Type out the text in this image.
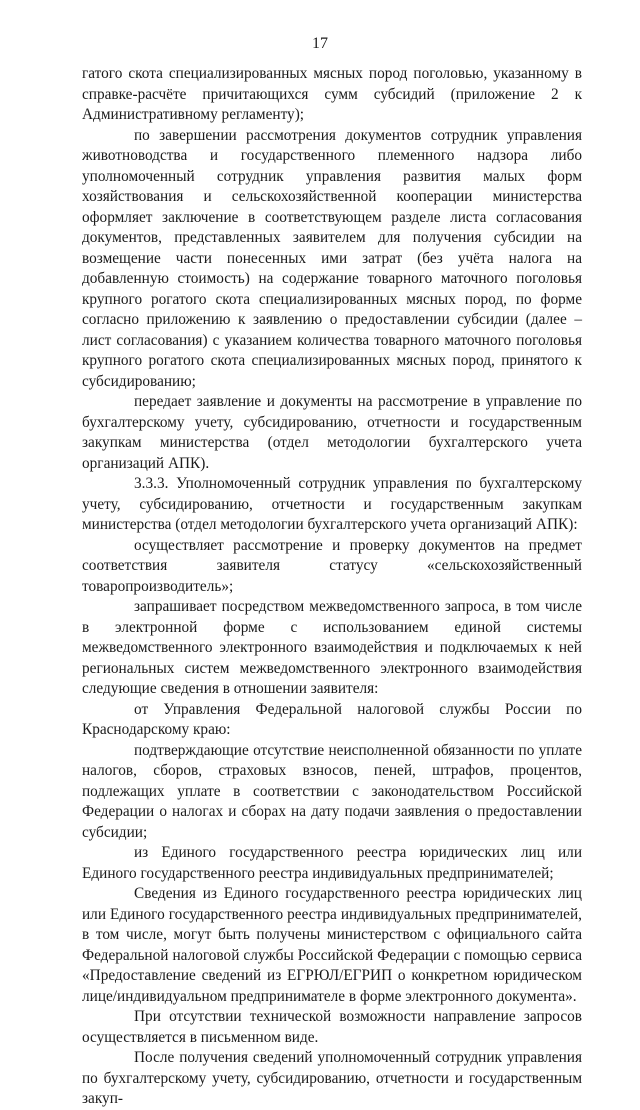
17

гатого скота специализированных мясных пород поголовью, указанному в справке-расчёте причитающихся сумм субсидий (приложение 2 к Административному регламенту);

по завершении рассмотрения документов сотрудник управления животноводства и государственного племенного надзора либо уполномоченный сотрудник управления развития малых форм хозяйствования и сельскохозяйственной кооперации министерства оформляет заключение в соответствующем разделе листа согласования документов, представленных заявителем для получения субсидии на возмещение части понесенных ими затрат (без учёта налога на добавленную стоимость) на содержание товарного маточного поголовья крупного рогатого скота специализированных мясных пород, по форме согласно приложению к заявлению о предоставлении субсидии (далее – лист согласования) с указанием количества товарного маточного поголовья крупного рогатого скота специализированных мясных пород, принятого к субсидированию;

передает заявление и документы на рассмотрение в управление по бухгалтерскому учету, субсидированию, отчетности и государственным закупкам министерства (отдел методологии бухгалтерского учета организаций АПК).

3.3.3. Уполномоченный сотрудник управления по бухгалтерскому учету, субсидированию, отчетности и государственным закупкам министерства (отдел методологии бухгалтерского учета организаций АПК):

осуществляет рассмотрение и проверку документов на предмет соответствия заявителя статусу «сельскохозяйственный товаропроизводитель»;

запрашивает посредством межведомственного запроса, в том числе в электронной форме с использованием единой системы межведомственного электронного взаимодействия и подключаемых к ней региональных систем межведомственного электронного взаимодействия следующие сведения в отношении заявителя:

от Управления Федеральной налоговой службы России по Краснодарскому краю:

подтверждающие отсутствие неисполненной обязанности по уплате налогов, сборов, страховых взносов, пеней, штрафов, процентов, подлежащих уплате в соответствии с законодательством Российской Федерации о налогах и сборах на дату подачи заявления о предоставлении субсидии;

из Единого государственного реестра юридических лиц или Единого государственного реестра индивидуальных предпринимателей;

Сведения из Единого государственного реестра юридических лиц или Единого государственного реестра индивидуальных предпринимателей, в том числе, могут быть получены министерством с официального сайта Федеральной налоговой службы Российской Федерации с помощью сервиса «Предоставление сведений из ЕГРЮЛ/ЕГРИП о конкретном юридическом лице/индивидуальном предпринимателе в форме электронного документа».

При отсутствии технической возможности направление запросов осуществляется в письменном виде.

После получения сведений уполномоченный сотрудник управления по бухгалтерскому учету, субсидированию, отчетности и государственным закуп-
